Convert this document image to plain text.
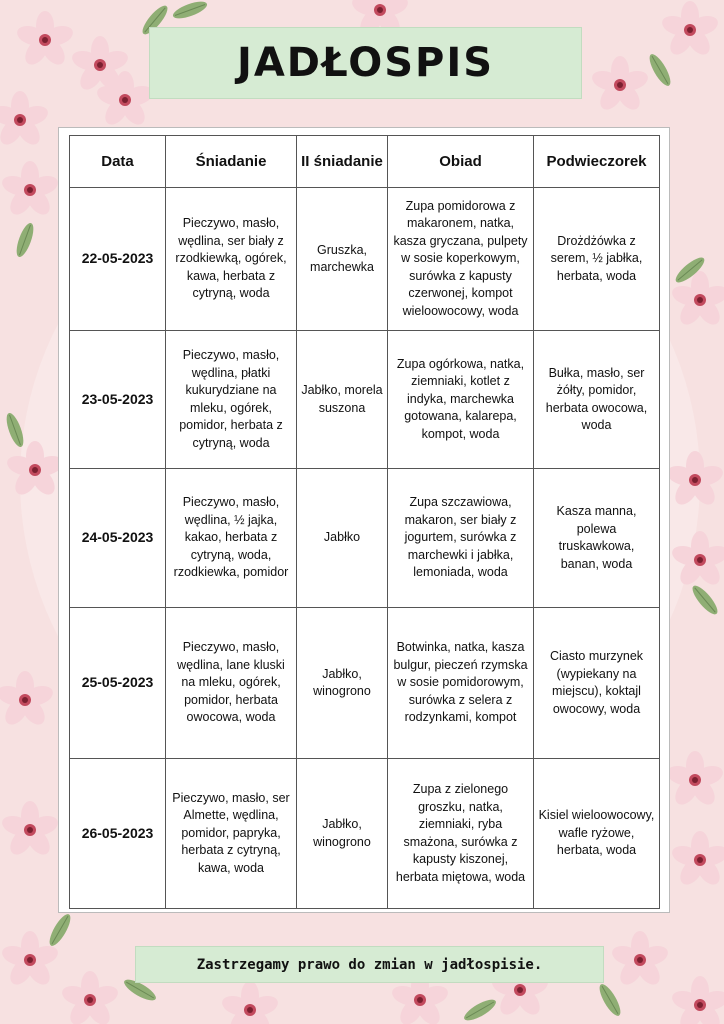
JADŁOSPIS
Data	Śniadanie	II śniadanie	Obiad	Podwieczorek
22-05-2023	Pieczywo, masło, wędlina, ser biały z rzodkiewką, ogórek, kawa, herbata z cytryną, woda	Gruszka, marchewka	Zupa pomidorowa z makaronem, natka, kasza gryczana, pulpety w sosie koperkowym, surówka z kapusty czerwonej, kompot wieloowocowy, woda	Drożdżówka z serem, ½ jabłka, herbata, woda
23-05-2023	Pieczywo, masło, wędlina, płatki kukurydziane na mleku, ogórek, pomidor, herbata z cytryną, woda	Jabłko, morela suszona	Zupa ogórkowa, natka, ziemniaki, kotlet z indyka, marchewka gotowana, kalarepa, kompot, woda	Bułka, masło, ser żółty, pomidor, herbata owocowa, woda
24-05-2023	Pieczywo, masło, wędlina, ½ jajka, kakao, herbata z cytryną, woda, rzodkiewka, pomidor	Jabłko	Zupa szczawiowa, makaron, ser biały z jogurtem, surówka z marchewki i jabłka, lemoniada, woda	Kasza manna, polewa truskawkowa, banan, woda
25-05-2023	Pieczywo, masło, wędlina, lane kluski na mleku, ogórek, pomidor, herbata owocowa, woda	Jabłko, winogrono	Botwinka, natka, kasza bulgur, pieczeń rzymska w sosie pomidorowym, surówka z selera z rodzynkami, kompot	Ciasto murzynek (wypiekany na miejscu), koktajl owocowy, woda
26-05-2023	Pieczywo, masło, ser Almette, wędlina, pomidor, papryka, herbata z cytryną, kawa, woda	Jabłko, winogrono	Zupa z zielonego groszku, natka, ziemniaki, ryba smażona, surówka z kapusty kiszonej, herbata miętowa, woda	Kisiel wieloowocowy, wafle ryżowe, herbata, woda
Zastrzegamy prawo do zmian w jadłospisie.
